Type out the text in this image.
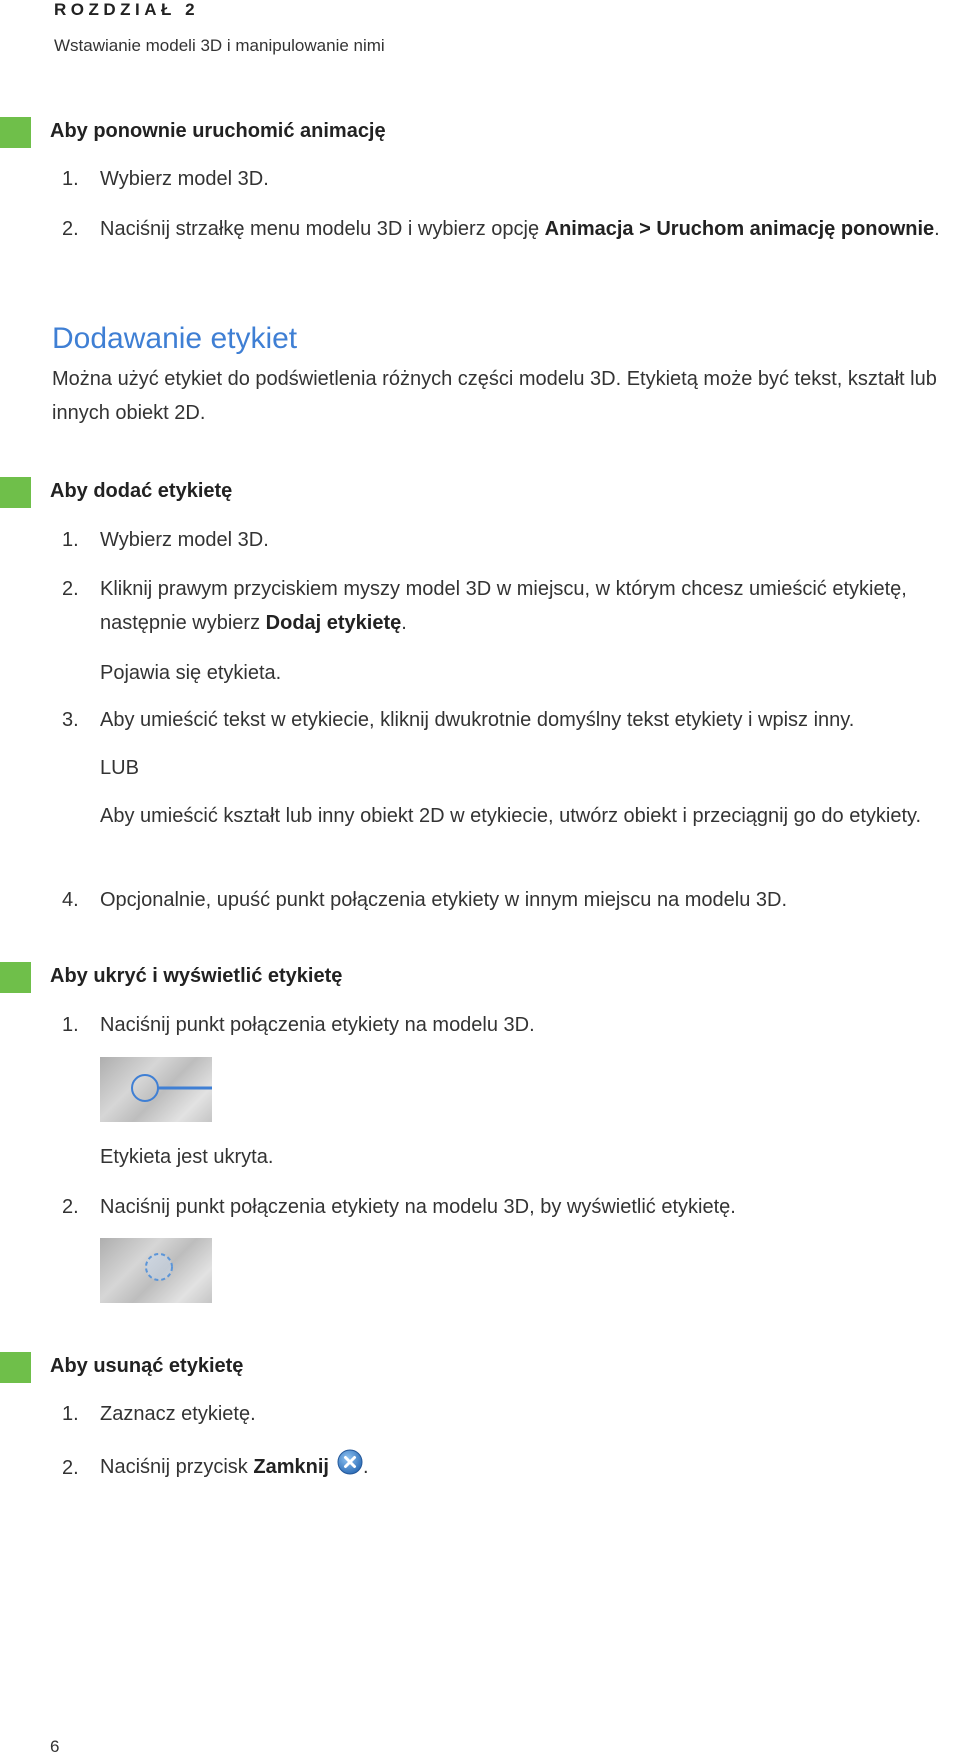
ROZDZIAŁ 2
Wstawianie modeli 3D i manipulowanie nimi
Aby ponownie uruchomić animację
1. Wybierz model 3D.
2. Naciśnij strzałkę menu modelu 3D i wybierz opcję Animacja > Uruchom animację ponownie.
Dodawanie etykiet
Można użyć etykiet do podświetlenia różnych części modelu 3D. Etykietą może być tekst, kształt lub innych obiekt 2D.
Aby dodać etykietę
1. Wybierz model 3D.
2. Kliknij prawym przyciskiem myszy model 3D w miejscu, w którym chcesz umieścić etykietę, następnie wybierz Dodaj etykietę.
Pojawia się etykieta.
3. Aby umieścić tekst w etykiecie, kliknij dwukrotnie domyślny tekst etykiety i wpisz inny.
LUB
Aby umieścić kształt lub inny obiekt 2D w etykiecie, utwórz obiekt i przeciągnij go do etykiety.
4. Opcjonalnie, upuść punkt połączenia etykiety w innym miejscu na modelu 3D.
Aby ukryć i wyświetlić etykietę
1. Naciśnij punkt połączenia etykiety na modelu 3D.
Etykieta jest ukryta.
2. Naciśnij punkt połączenia etykiety na modelu 3D, by wyświetlić etykietę.
Aby usunąć etykietę
1. Zaznacz etykietę.
2. Naciśnij przycisk Zamknij .
6
